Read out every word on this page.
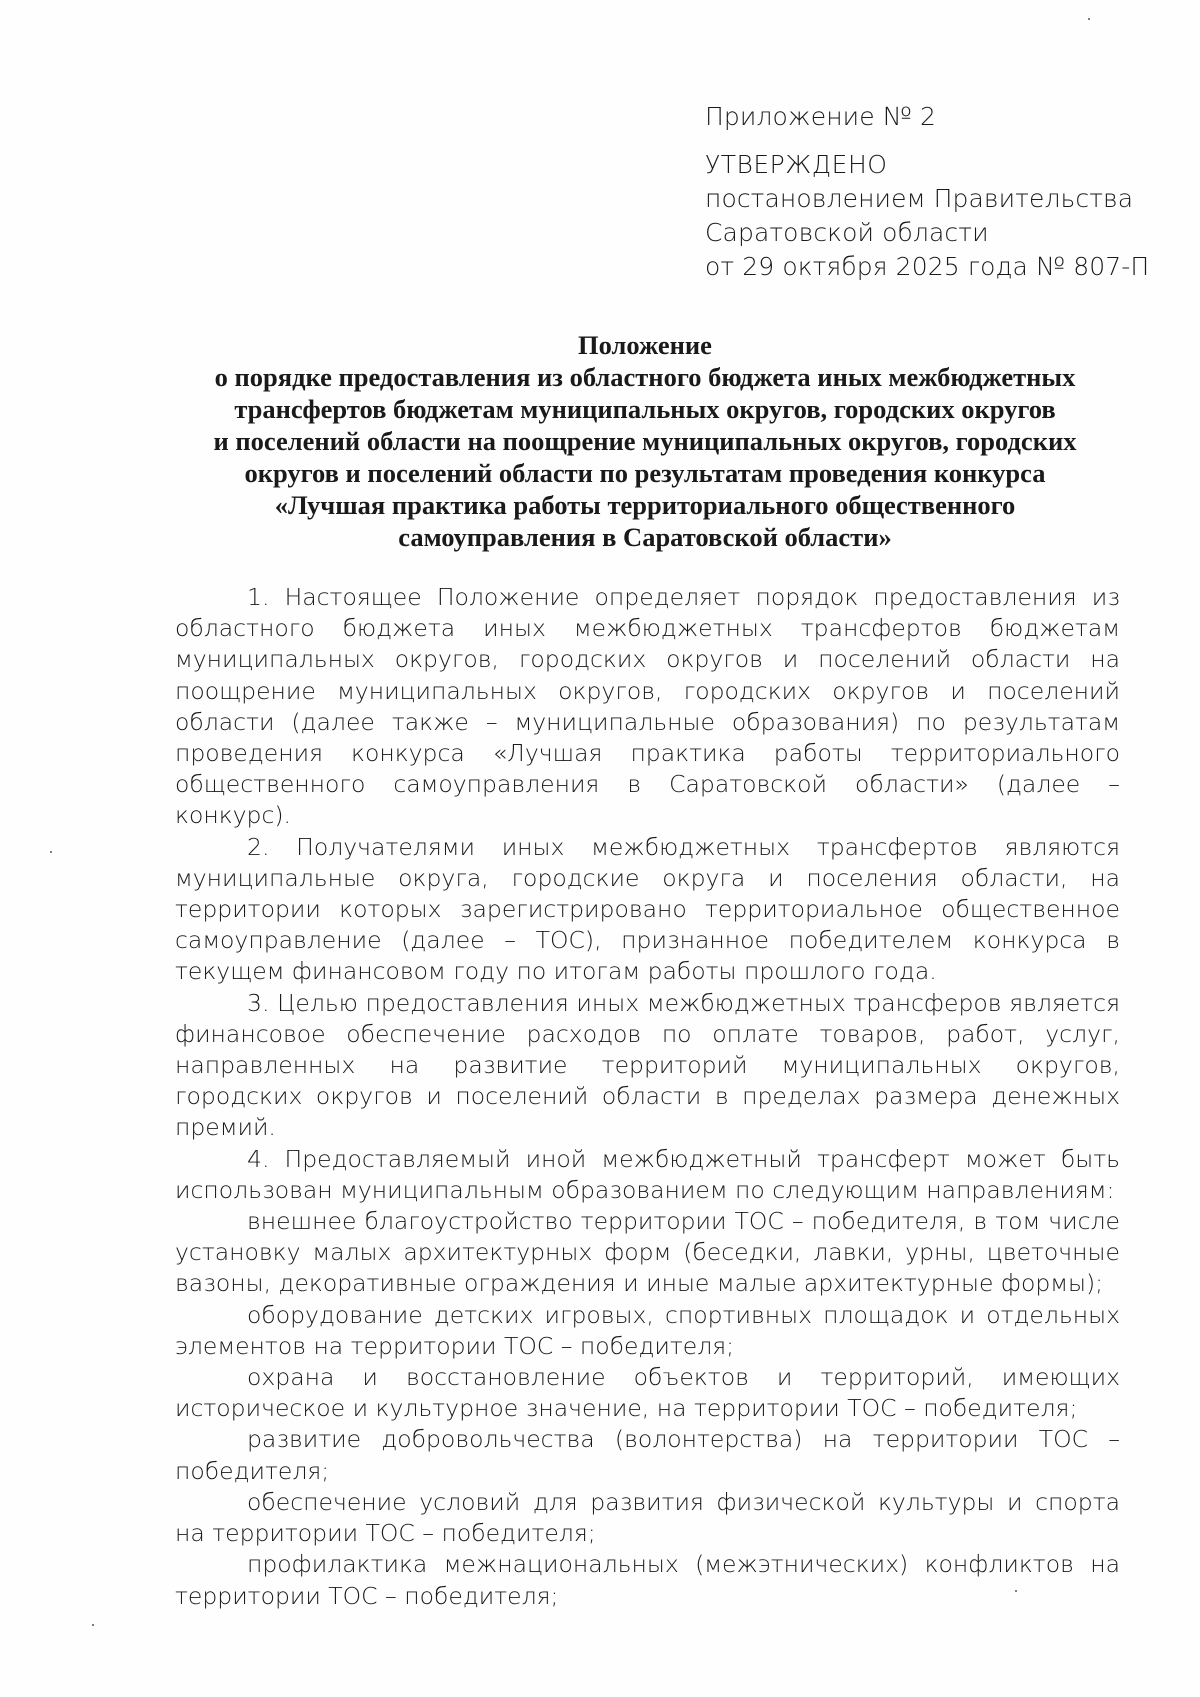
Приложение № 2
УТВЕРЖДЕНО
постановлением Правительства
Саратовской области
от 29 октября 2025 года № 807-П
Положение
о порядке предоставления из областного бюджета иных межбюджетных
трансфертов бюджетам муниципальных округов, городских округов
и поселений области на поощрение муниципальных округов, городских
округов и поселений области по результатам проведения конкурса
«Лучшая практика работы территориального общественного
самоуправления в Саратовской области»

1. Настоящее Положение определяет порядок предоставления из областного бюджета иных межбюджетных трансфертов бюджетам муниципальных округов, городских округов и поселений области на поощрение муниципальных округов, городских округов и поселений области (далее также – муниципальные образования) по результатам проведения конкурса «Лучшая практика работы территориального общественного самоуправления в Саратовской области» (далее – конкурс).

2. Получателями иных межбюджетных трансфертов являются муниципальные округа, городские округа и поселения области, на территории которых зарегистрировано территориальное общественное самоуправление (далее – ТОС), признанное победителем конкурса в текущем финансовом году по итогам работы прошлого года.

3. Целью предоставления иных межбюджетных трансферов является финансовое обеспечение расходов по оплате товаров, работ, услуг, направленных на развитие территорий муниципальных округов, городских округов и поселений области в пределах размера денежных премий.

4. Предоставляемый иной межбюджетный трансферт может быть использован муниципальным образованием по следующим направлениям:

внешнее благоустройство территории ТОС – победителя, в том числе установку малых архитектурных форм (беседки, лавки, урны, цветочные вазоны, декоративные ограждения и иные малые архитектурные формы);

оборудование детских игровых, спортивных площадок и отдельных элементов на территории ТОС – победителя;

охрана и восстановление объектов и территорий, имеющих историческое и культурное значение, на территории ТОС – победителя;

развитие добровольчества (волонтерства) на территории ТОС – победителя;

обеспечение условий для развития физической культуры и спорта на территории ТОС – победителя;

профилактика межнациональных (межэтнических) конфликтов на территории ТОС – победителя;
